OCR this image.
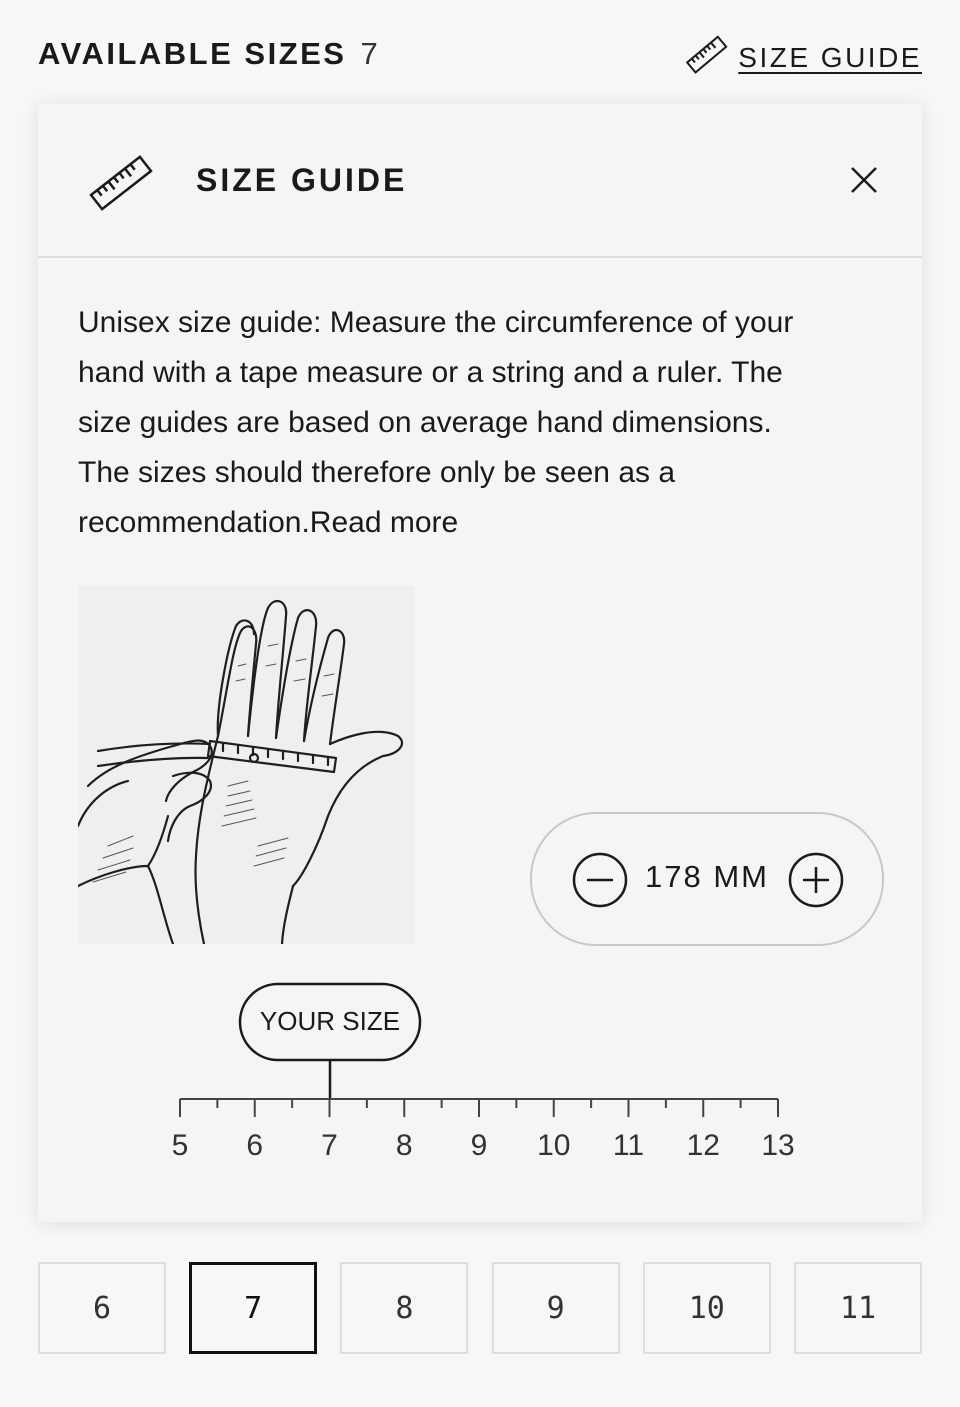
AVAILABLE SIZES 7	SIZE GUIDE
SIZE GUIDE
Unisex size guide: Measure the circumference of your hand with a tape measure or a string and a ruler. The size guides are based on average hand dimensions. The sizes should therefore only be seen as a recommendation.Read more
178 MM
YOUR SIZE
5 6 7 8 9 10 11 12 13
6	7	8	9	10	11
